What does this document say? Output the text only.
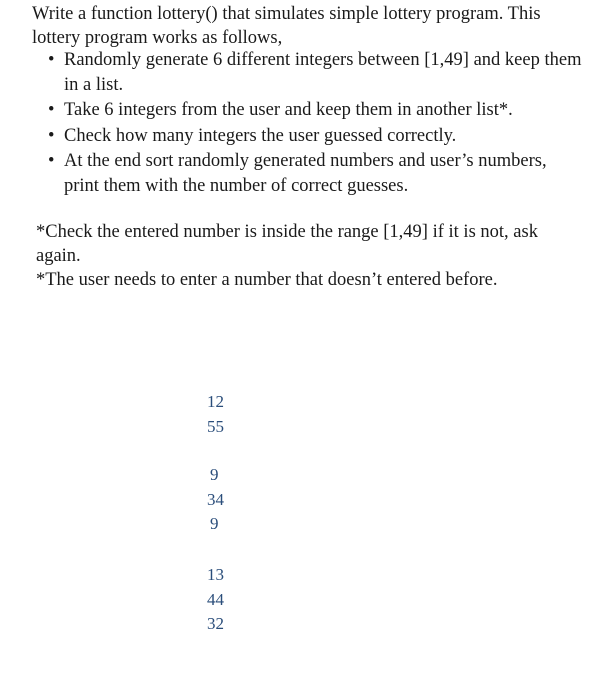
Write a function lottery() that simulates simple lottery program. This lottery program works as follows,

• Randomly generate 6 different integers between [1,49] and keep them in a list.
• Take 6 integers from the user and keep them in another list*.
• Check how many integers the user guessed correctly.
• At the end sort randomly generated numbers and user’s numbers, print them with the number of correct guesses.

*Check the entered number is inside the range [1,49] if it is not, ask again.

*The user needs to enter a number that doesn’t entered before.

12
55
9
34
9
13
44
32
